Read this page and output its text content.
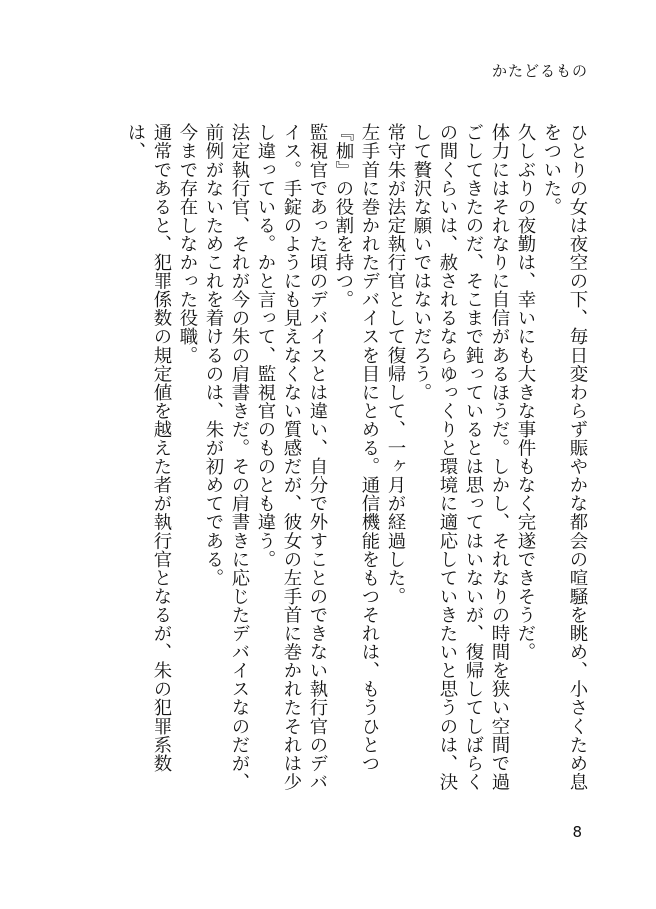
かたどるもの

ひとりの女は夜空の下、毎日変わらず賑やかな都会の喧騒を眺め、小さくため息をついた。

久しぶりの夜勤は、幸いにも大きな事件もなく完遂できそうだ。

体力にはそれなりに自信があるほうだ。しかし、それなりの時間を狭い空間で過ごしてきたのだ、そこまで鈍っているとは思ってはいないが、復帰してしばらくの間くらいは、赦されるならゆっくりと環境に適応していきたいと思うのは、決して贅沢な願いではないだろう。

常守朱が法定執行官として復帰して、一ヶ月が経過した。

左手首に巻かれたデバイスを目にとめる。通信機能をもつそれは、もうひとつ『枷』の役割を持つ。

監視官であった頃のデバイスとは違い、自分で外すことのできない執行官のデバイス。手錠のようにも見えなくない質感だが、彼女の左手首に巻かれたそれは少し違っている。かと言って、監視官のものとも違う。

法定執行官、それが今の朱の肩書きだ。その肩書きに応じたデバイスなのだが、前例がないためこれを着けるのは、朱が初めてである。

今まで存在しなかった役職。

通常であると、犯罪係数の規定値を越えた者が執行官となるが、朱の犯罪系数は、

8
